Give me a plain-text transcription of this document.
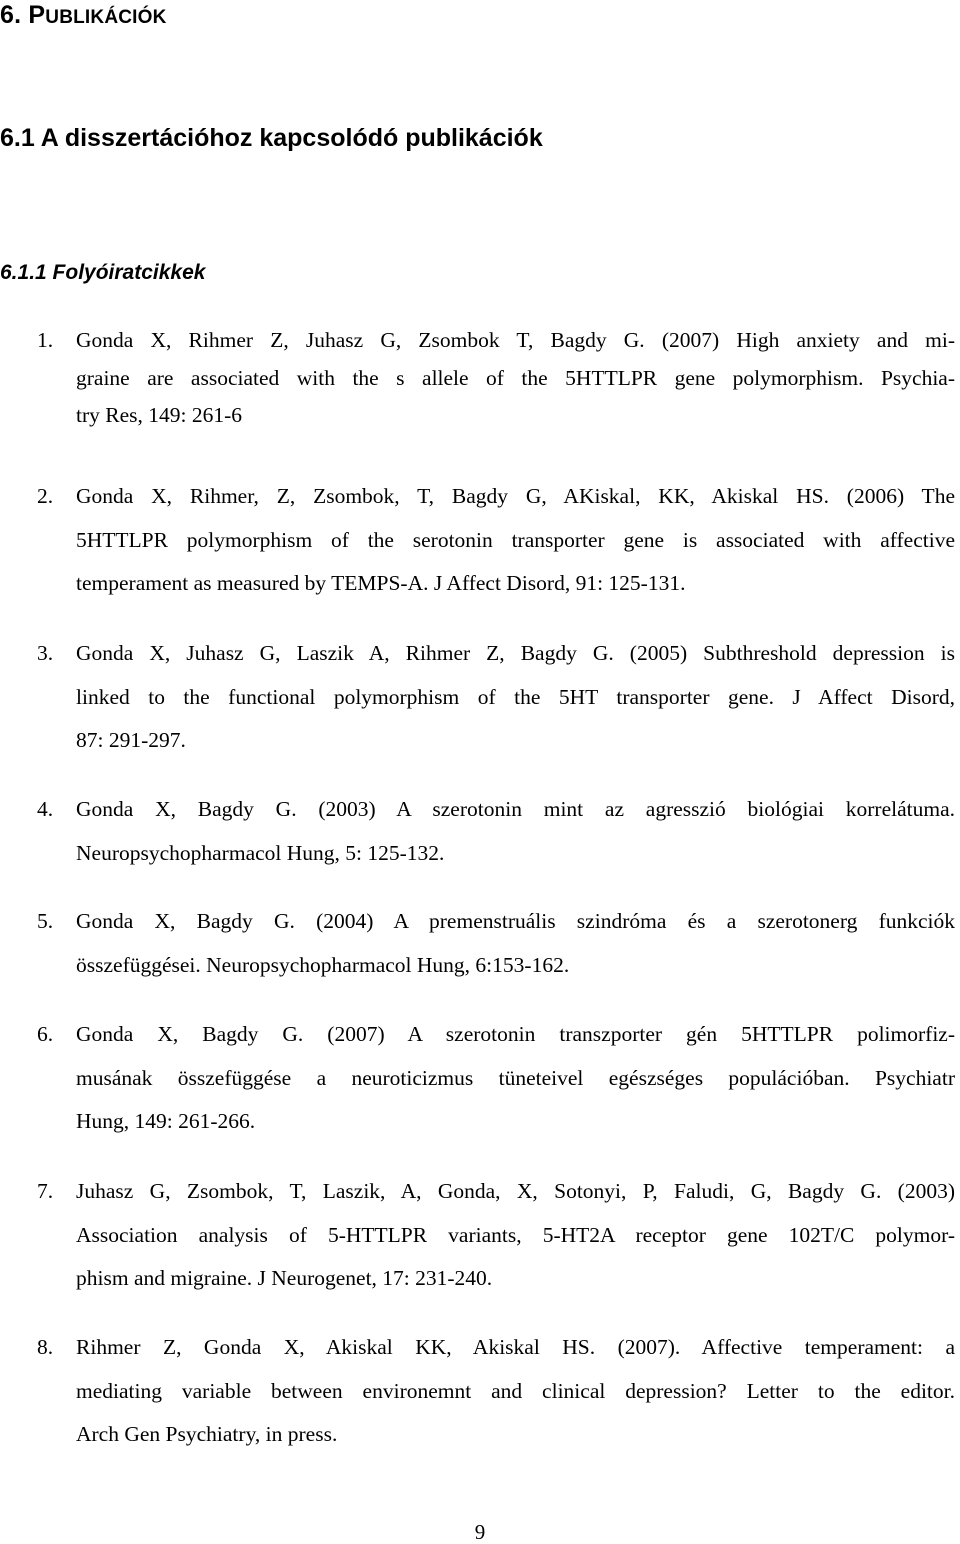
6. PUBLIKÁCIÓK
6.1 A disszertációhoz kapcsolódó publikációk
6.1.1 Folyóiratcikkek
1.	Gonda X, Rihmer Z, Juhasz G, Zsombok T, Bagdy G. (2007) High anxiety and mi-
graine are associated with the s allele of the 5HTTLPR gene polymorphism. Psychia-
try Res, 149: 261-6
2.	Gonda X, Rihmer, Z, Zsombok, T, Bagdy G, AKiskal, KK, Akiskal HS. (2006) The
5HTTLPR polymorphism of the serotonin transporter gene is associated with affective
temperament as measured by TEMPS-A. J Affect Disord, 91: 125-131.
3.	Gonda X, Juhasz G, Laszik A, Rihmer Z, Bagdy G. (2005) Subthreshold depression is
linked to the functional polymorphism of the 5HT transporter gene. J Affect Disord,
87: 291-297.
4.	Gonda X, Bagdy G. (2003) A szerotonin mint az agresszió biológiai korrelátuma.
Neuropsychopharmacol Hung, 5: 125-132.
5.	Gonda X, Bagdy G. (2004) A premenstruális szindróma és a szerotonerg funkciók
összefüggései. Neuropsychopharmacol Hung, 6:153-162.
6.	Gonda X, Bagdy G. (2007) A szerotonin transzporter gén 5HTTLPR polimorfiz-
musának összefüggése a neuroticizmus tüneteivel egészséges populációban. Psychiatr
Hung, 149: 261-266.
7.	Juhasz G, Zsombok, T, Laszik, A, Gonda, X, Sotonyi, P, Faludi, G, Bagdy G. (2003)
Association analysis of 5-HTTLPR variants, 5-HT2A receptor gene 102T/C polymor-
phism and migraine. J Neurogenet, 17: 231-240.
8.	Rihmer Z, Gonda X, Akiskal KK, Akiskal HS. (2007). Affective temperament: a
mediating variable between environemnt and clinical depression? Letter to the editor.
Arch Gen Psychiatry, in press.
9
